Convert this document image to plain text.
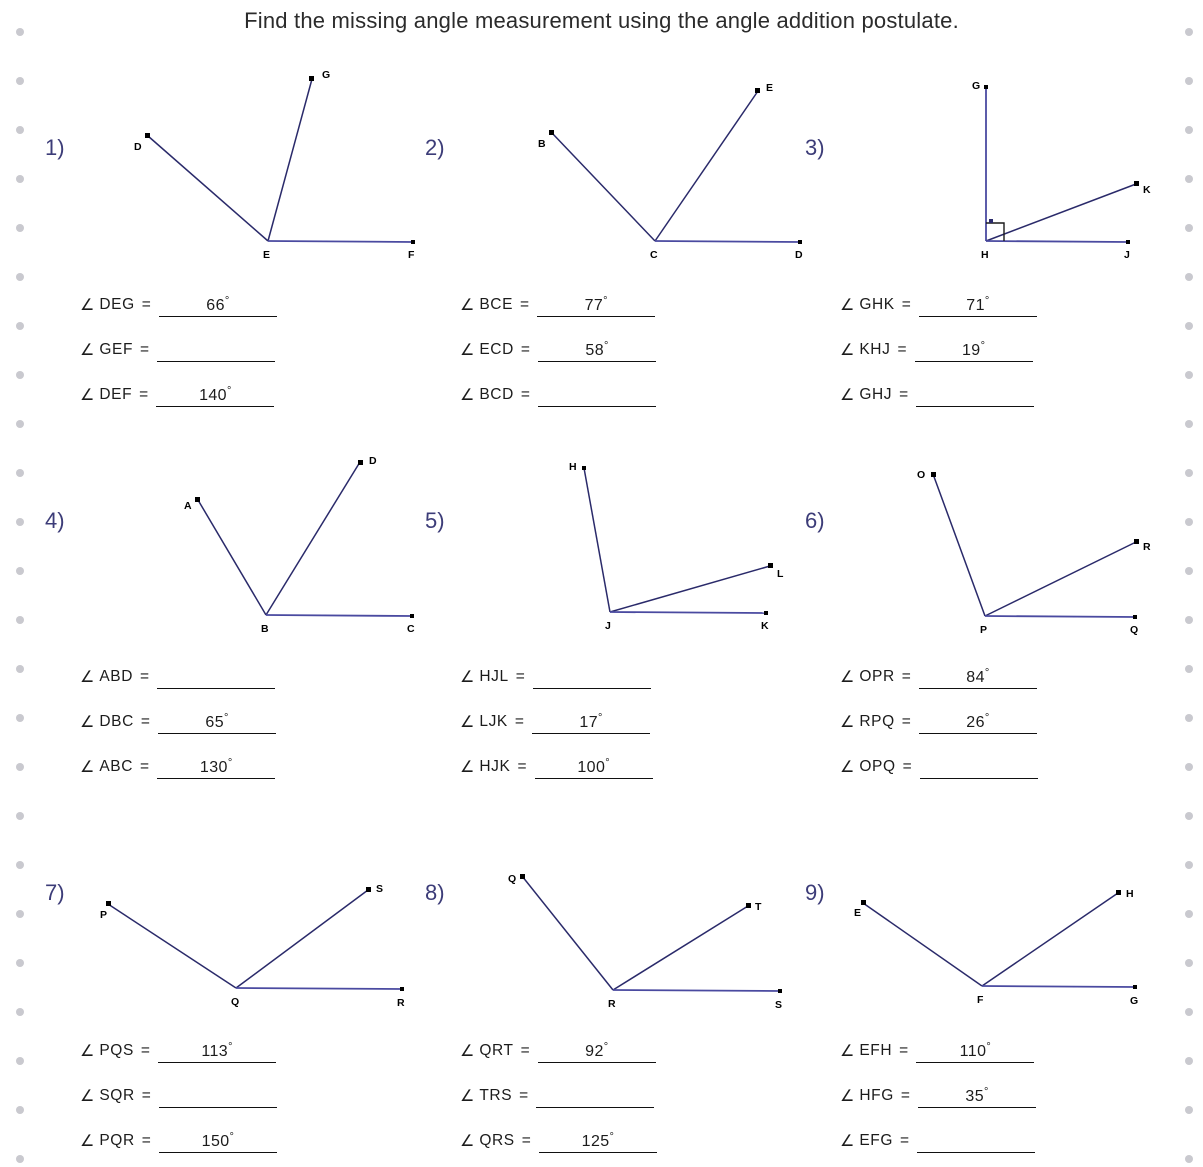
Find the missing angle measurement using the angle addition postulate.
1)	D
G
E	F
∠ DEG =	66°
∠ GEF =
∠ DEF =	140°
2)	B
E
C	D
∠ BCE =	77°
∠ ECD =	58°
∠ BCD =
3)
G
K
H	J
∠ GHK =	71°
∠ KHJ =	19°
∠ GHJ =
4)
A
D
B	C
∠ ABD =
∠ DBC =	65°
∠ ABC =	130°
5)
H
L
J	K
∠ HJL =
∠ LJK =	17°
∠ HJK =	100°
6)
O
R
P	Q
∠ OPR =	84°
∠ RPQ =	26°
∠ OPQ =
7)
P
S
Q	R
∠ PQS =	113°
∠ SQR =
∠ PQR =	150°
8)
Q
T
R	S
∠ QRT =	92°
∠ TRS =
∠ QRS =	125°
9)
E
H
F	G
∠ EFH =	110°
∠ HFG =	35°
∠ EFG =
